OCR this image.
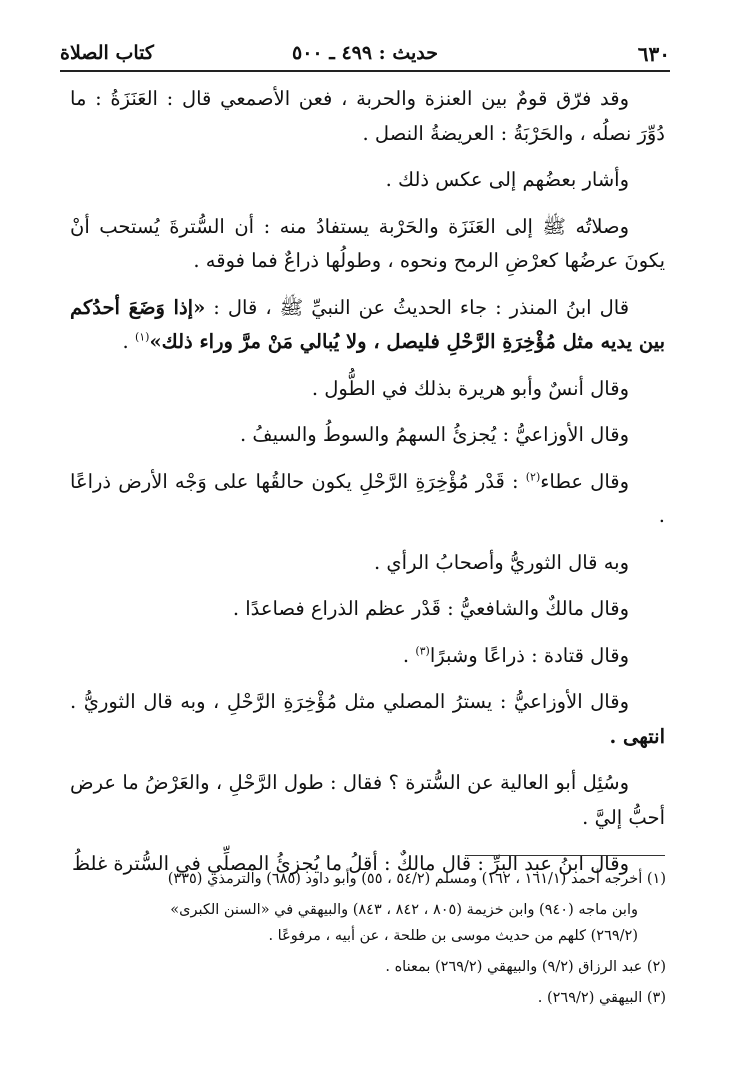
٦٣٠
حديث : ٤٩٩ ـ ٥٠٠
كتاب الصلاة

وقد فرّق قومٌ بين العنزة والحربة ، فعن الأصمعي قال : العَنَزَةُ : ما دُوِّرَ نصلُه ، والحَرْبَةُ : العريضةُ النصل .

وأشار بعضُهم إلى عكس ذلك .

وصلاتُه ﷺ إلى العَنَزَة والحَرْبة يستفادُ منه : أن السُّترةَ يُستحب أنْ يكونَ عرضُها كعرْضِ الرمح ونحوه ، وطولُها ذراعٌ فما فوقه .

قال ابنُ المنذر : جاء الحديثُ عن النبيِّ ﷺ ، قال : «إذا وَضَعَ أحدُكم بين يديه مثل مُؤْخِرَةِ الرَّحْلِ فليصل ، ولا يُبالي مَنْ مرَّ وراء ذلك»$^{(١)}$ .

وقال أنسٌ وأبو هريرة بذلك في الطُّول .

وقال الأوزاعيُّ : يُجزئُ السهمُ والسوطُ والسيفُ .

وقال عطاء$^{(٢)}$ : قَدْر مُؤْخِرَةِ الرَّحْلِ يكون حالقُها على وَجْه الأرض ذراعًا .

وبه قال الثوريُّ وأصحابُ الرأي .

وقال مالكٌ والشافعيُّ : قَدْر عظم الذراع فصاعدًا .

وقال قتادة : ذراعًا وشبرًا$^{(٣)}$ .

وقال الأوزاعيُّ : يسترُ المصلي مثل مُؤْخِرَةِ الرَّحْلِ ، وبه قال الثوريُّ . انتهى .

وسُئِل أبو العالية عن السُّترة ؟ فقال : طول الرَّحْلِ ، والعَرْضُ ما عرض أحبُّ إليَّ .

وقال ابنُ عبد البرِّ : قال مالكٌ : أقلُ ما يُجزئُ المصلِّي في السُّترة غلظُ

(١) أخرجه أحمد (١٦١/١ ، ١٦٢) ومسلم (٥٤/٢ ، ٥٥) وأبو داود (٦٨٥) والترمذي (٣٣٥)

وابن ماجه (٩٤٠) وابن خزيمة (٨٠٥ ، ٨٤٢ ، ٨٤٣) والبيهقي في «السنن الكبرى»

(٢٦٩/٢) كلهم من حديث موسى بن طلحة ، عن أبيه ، مرفوعًا .

(٢) عبد الرزاق (٩/٢) والبيهقي (٢٦٩/٢) بمعناه .

(٣) البيهقي (٢٦٩/٢) .
